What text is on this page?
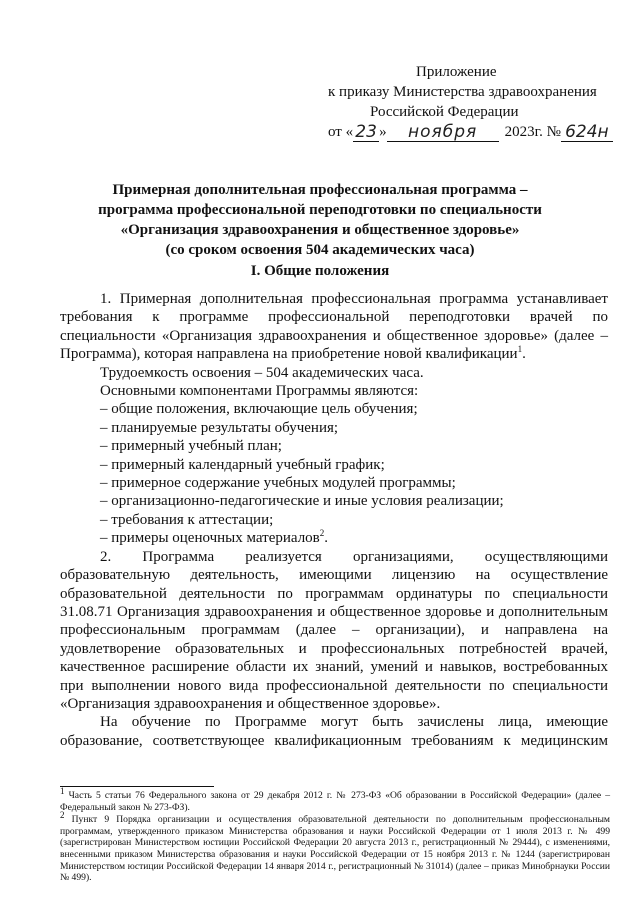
Приложение
к приказу Министерства здравоохранения
Российской Федерации
от « 23 »	ноября	2023г. № 624н
Примерная дополнительная профессиональная программа –
программа профессиональной переподготовки по специальности
«Организация здравоохранения и общественное здоровье»
(со сроком освоения 504 академических часа)
I. Общие положения

1. Примерная дополнительная профессиональная программа устанавливает требования к программе профессиональной переподготовки врачей по специальности «Организация здравоохранения и общественное здоровье» (далее – Программа), которая направлена на приобретение новой квалификации$^1$.

Трудоемкость освоения – 504 академических часа.

Основными компонентами Программы являются:

– общие положения, включающие цель обучения;

– планируемые результаты обучения;

– примерный учебный план;

– примерный календарный учебный график;

– примерное содержание учебных модулей программы;

– организационно-педагогические и иные условия реализации;

– требования к аттестации;

– примеры оценочных материалов$^2$.

2. Программа реализуется организациями, осуществляющими образовательную деятельность, имеющими лицензию на осуществление образовательной деятельности по программам ординатуры по специальности 31.08.71 Организация здравоохранения и общественное здоровье и дополнительным профессиональным программам (далее – организации), и направлена на удовлетворение образовательных и профессиональных потребностей врачей, качественное расширение области их знаний, умений и навыков, востребованных при выполнении нового вида профессиональной деятельности по специальности «Организация здравоохранения и общественное здоровье».

На обучение по Программе могут быть зачислены лица, имеющие образование, соответствующее квалификационным требованиям к медицинским

$^1$ Часть 5 статьи 76 Федерального закона от 29 декабря 2012 г. № 273-ФЗ «Об образовании в Российской Федерации» (далее – Федеральный закон № 273-ФЗ).

$^2$ Пункт 9 Порядка организации и осуществления образовательной деятельности по дополнительным профессиональным программам, утвержденного приказом Министерства образования и науки Российской Федерации от 1 июля 2013 г. № 499 (зарегистрирован Министерством юстиции Российской Федерации 20 августа 2013 г., регистрационный № 29444), с изменениями, внесенными приказом Министерства образования и науки Российской Федерации от 15 ноября 2013 г. № 1244 (зарегистрирован Министерством юстиции Российской Федерации 14 января 2014 г., регистрационный № 31014) (далее – приказ Минобрнауки России № 499).
